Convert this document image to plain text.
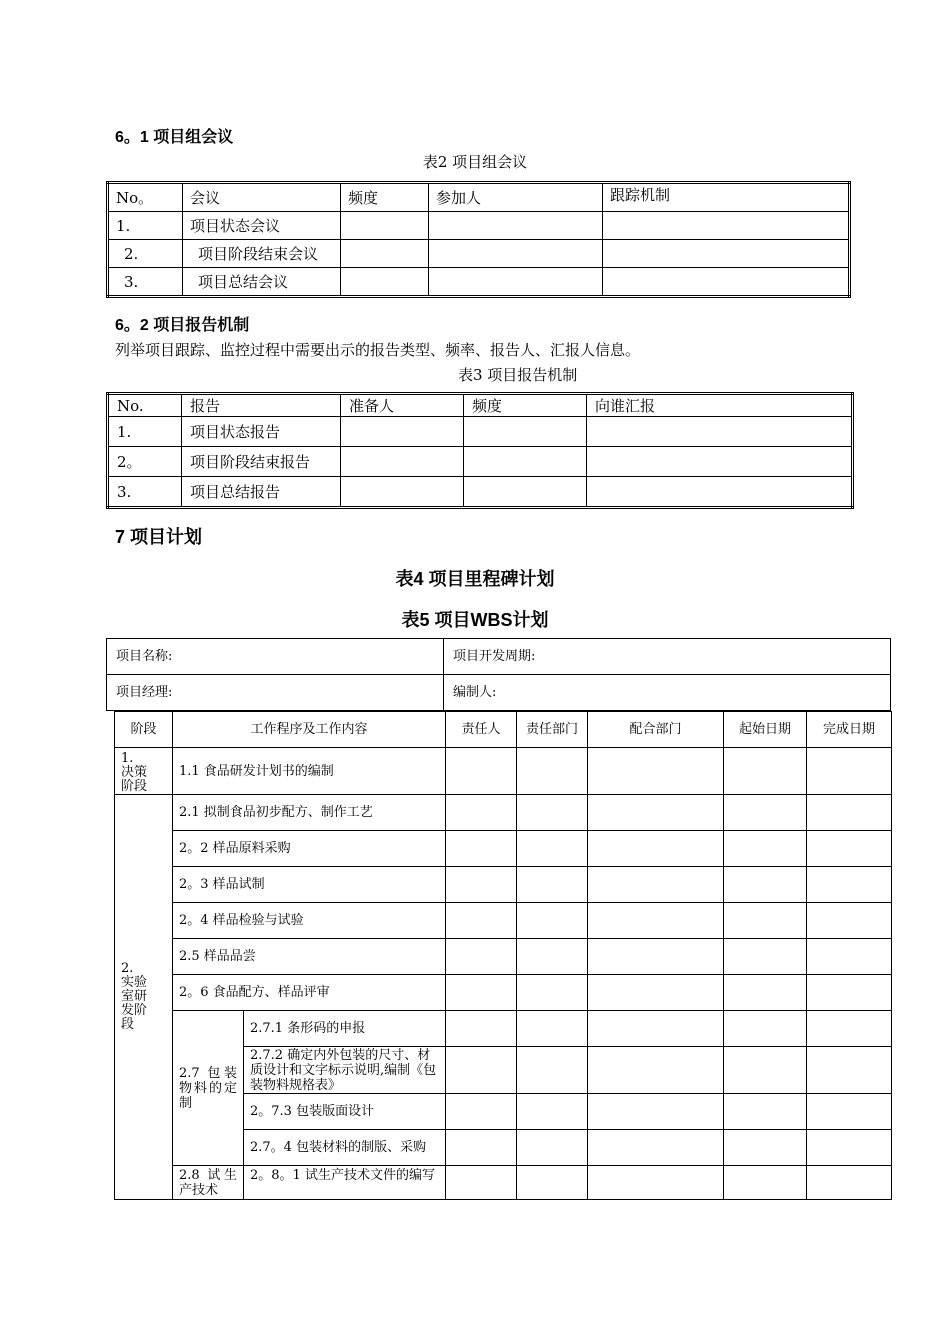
6。1 项目组会议
表2 项目组会议
No。	会议	频度	参加人	跟踪机制
1.	项目状态会议			
2.	项目阶段结束会议			
3.	项目总结会议			
6。2 项目报告机制
列举项目跟踪、监控过程中需要出示的报告类型、频率、报告人、汇报人信息。
表3 项目报告机制
No.	报告	准备人	频度	向谁汇报
1.	项目状态报告			
2。	项目阶段结束报告			
3.	项目总结报告			
7 项目计划
表4 项目里程碑计划
表5 项目WBS计划
项目名称:	项目开发周期:
项目经理:	编制人:
阶段	工作程序及工作内容		责任人	责任部门	配合部门	起始日期	完成日期
1.
决策
阶段	1.1 食品研发计划书的编制						
2.
实验
室研
发阶
段	2.1 拟制食品初步配方、制作工艺						
	2。2 样品原料采购						
	2。3 样品试制						
	2。4 样品检验与试验						
	2.5 样品品尝						
	2。6 食品配方、样品评审						
	2.7 包装物料的定制	2.7.1 条形码的申报					
		2.7.2 确定内外包装的尺寸、材质设计和文字标示说明,编制《包装物料规格表》					
		2。7.3 包装版面设计					
		2.7。4 包装材料的制版、采购					
	2.8 试生产技术	2。8。1 试生产技术文件的编写					
